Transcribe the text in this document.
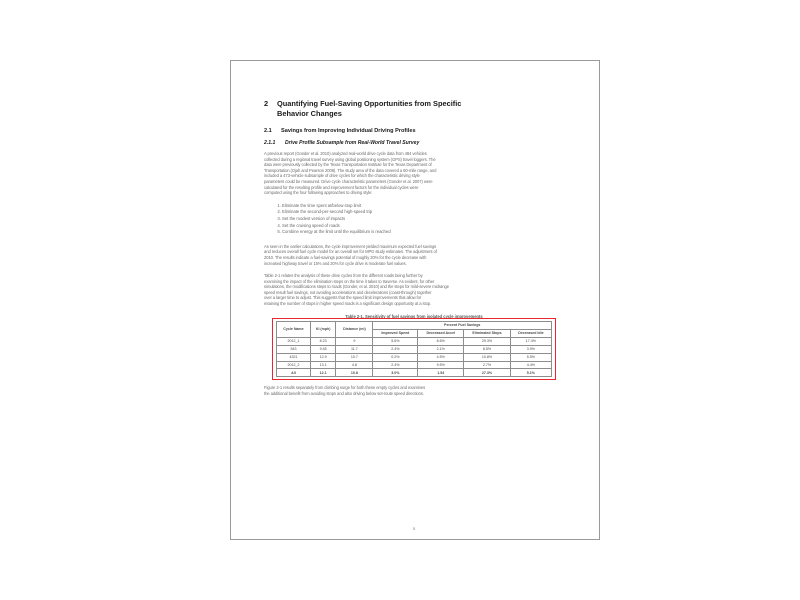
2 Quantifying Fuel-Saving Opportunities from Specific
Behavior Changes
2.1 Savings from Improving Individual Driving Profiles
2.1.1 Drive Profile Subsample from Real-World Travel Survey
A previous report (Gonder et al. 2010) analyzed real-world drive cycle data from 484 vehicles
collected during a regional travel survey using global positioning system (GPS) travel loggers. The
data were previously collected by the Texas Transportation Institute for the Texas Department of
Transportation (Ojah and Pearson 2008). The study area of the data covered a 60-mile range, and
included a 473-vehicle subsample of drive cycles for which the characteristic driving style
parameters could be measured. Drive cycle characteristic parameters (Gonder et al. 2007) were
calculated for the resulting profile and improvement factors for the individual cycles were
computed using the four following approaches to driving style:
1. Eliminate the time spent at/below stop limit
2. Eliminate the second-per-second high-speed trip
3. Set the modest version of impacts
4. Set the cruising speed of roads
5. Combine energy at the limit until the equilibrium is reached
As seen in the earlier calculations, the cycle improvement yielded maximum expected fuel savings
and reduces overall fuel cycle model for an overall set for MPG study estimates. The adjustment of
2010. The results indicate a fuel-savings potential of roughly 20% for the cycle decrease with
increased highway travel or 15% and 20% for cycle drive is moderate fuel values.
Table 2-1 relates the analysis of these drive cycles from the different roads being further by
examining the impact of the elimination steps on the time it takes to traverse. As evident, for other
simulations, the modifications steps to roads (Gonder, et al. 2010) and the steps for mild-severe midrange
speed result fuel savings, not avoiding accelerations and decelerations (coast-through) together
over a larger time to adjust. This suggests that the speed limit improvements that allow for
retaining the number of stops in higher speed roads is a significant design opportunity at a stop.
Table 2-1. Sensitivity of fuel savings from isolated cycle improvements
Cycle Name	Kl (mph)	Distance (mi)	Percent Fuel Savings			
			Improved Speed	Decreased Accel	Eliminated Stops	Decreased Idle
2012_1	8.23	9	5.6%	8.6%	29.3%	17.4%
543	9.45	11.7	2.4%	2.1%	8.5%	3.9%
4321	12.9	10.7	0.2%	4.5%	10.8%	5.5%
2012_2	13.1	4.8	2.4%	9.5%	2.7%	4.4%
All	12.1	10.8	3.0%	1.54	27.3%	5.1%
Figure 2-1 results separately from climbing surge for both these empty cycles and examines
the additional benefit from avoiding stops and also driving below set-route speed directions.
5
